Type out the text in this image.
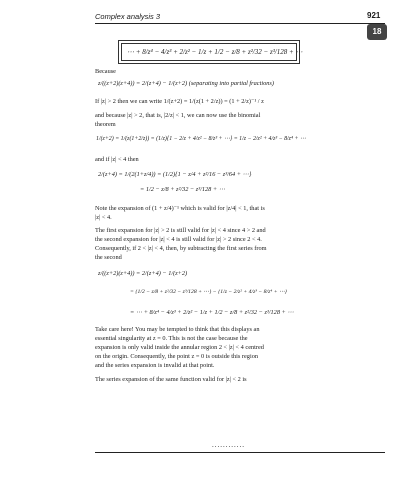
Complex analysis 3	921
18
⋯ + 8/z⁴ − 4/z³ + 2/z² − 1/z + 1/2 − z/8 + z²/32 − z³/128 + ⋯
Because
z/((z+2)(z+4)) = 2/(z+4) − 1/(z+2) (separating into partial fractions)
If |z| > 2 then we can write 1/(z+2) = 1/(z(1 + 2/z)) = (1 + 2/z)⁻¹ / z
and because |z| > 2, that is, |2/z| < 1, we can now use the binomial
theorem
1/(z+2) = 1/(z(1+2/z)) = (1/z){1 − 2/z + 4/z² − 8/z³ + ⋯} = 1/z − 2/z² + 4/z³ − 8/z⁴ + ⋯
and if |z| < 4 then
2/(z+4) = 1/(2(1+z/4)) = (1/2){1 − z/4 + z²/16 − z³/64 + ⋯}
= 1/2 − z/8 + z²/32 − z³/128 + ⋯
Note the expansion of (1 + z/4)⁻¹ which is valid for |z/4| < 1, that is
|z| < 4.
The first expansion for |z| > 2 is still valid for |z| < 4 since 4 > 2 and
the second expansion for |z| < 4 is still valid for |z| > 2 since 2 < 4.
Consequently, if 2 < |z| < 4, then, by subtracting the first series from
the second
z/((z+2)(z+4)) = 2/(z+4) − 1/(z+2)
= {1/2 − z/8 + z²/32 − z³/128 + ⋯} − {1/z − 2/z² + 4/z³ − 8/z⁴ + ⋯}
= ⋯ + 8/z⁴ − 4/z³ + 2/z² − 1/z + 1/2 − z/8 + z²/32 − z³/128 + ⋯
Take care here! You may be tempted to think that this displays an
essential singularity at z = 0. This is not the case because the
expansion is only valid inside the annular region 2 < |z| < 4 centred
on the origin. Consequently, the point z = 0 is outside this region
and the series expansion is invalid at that point.
The series expansion of the same function valid for |z| < 2 is
............
